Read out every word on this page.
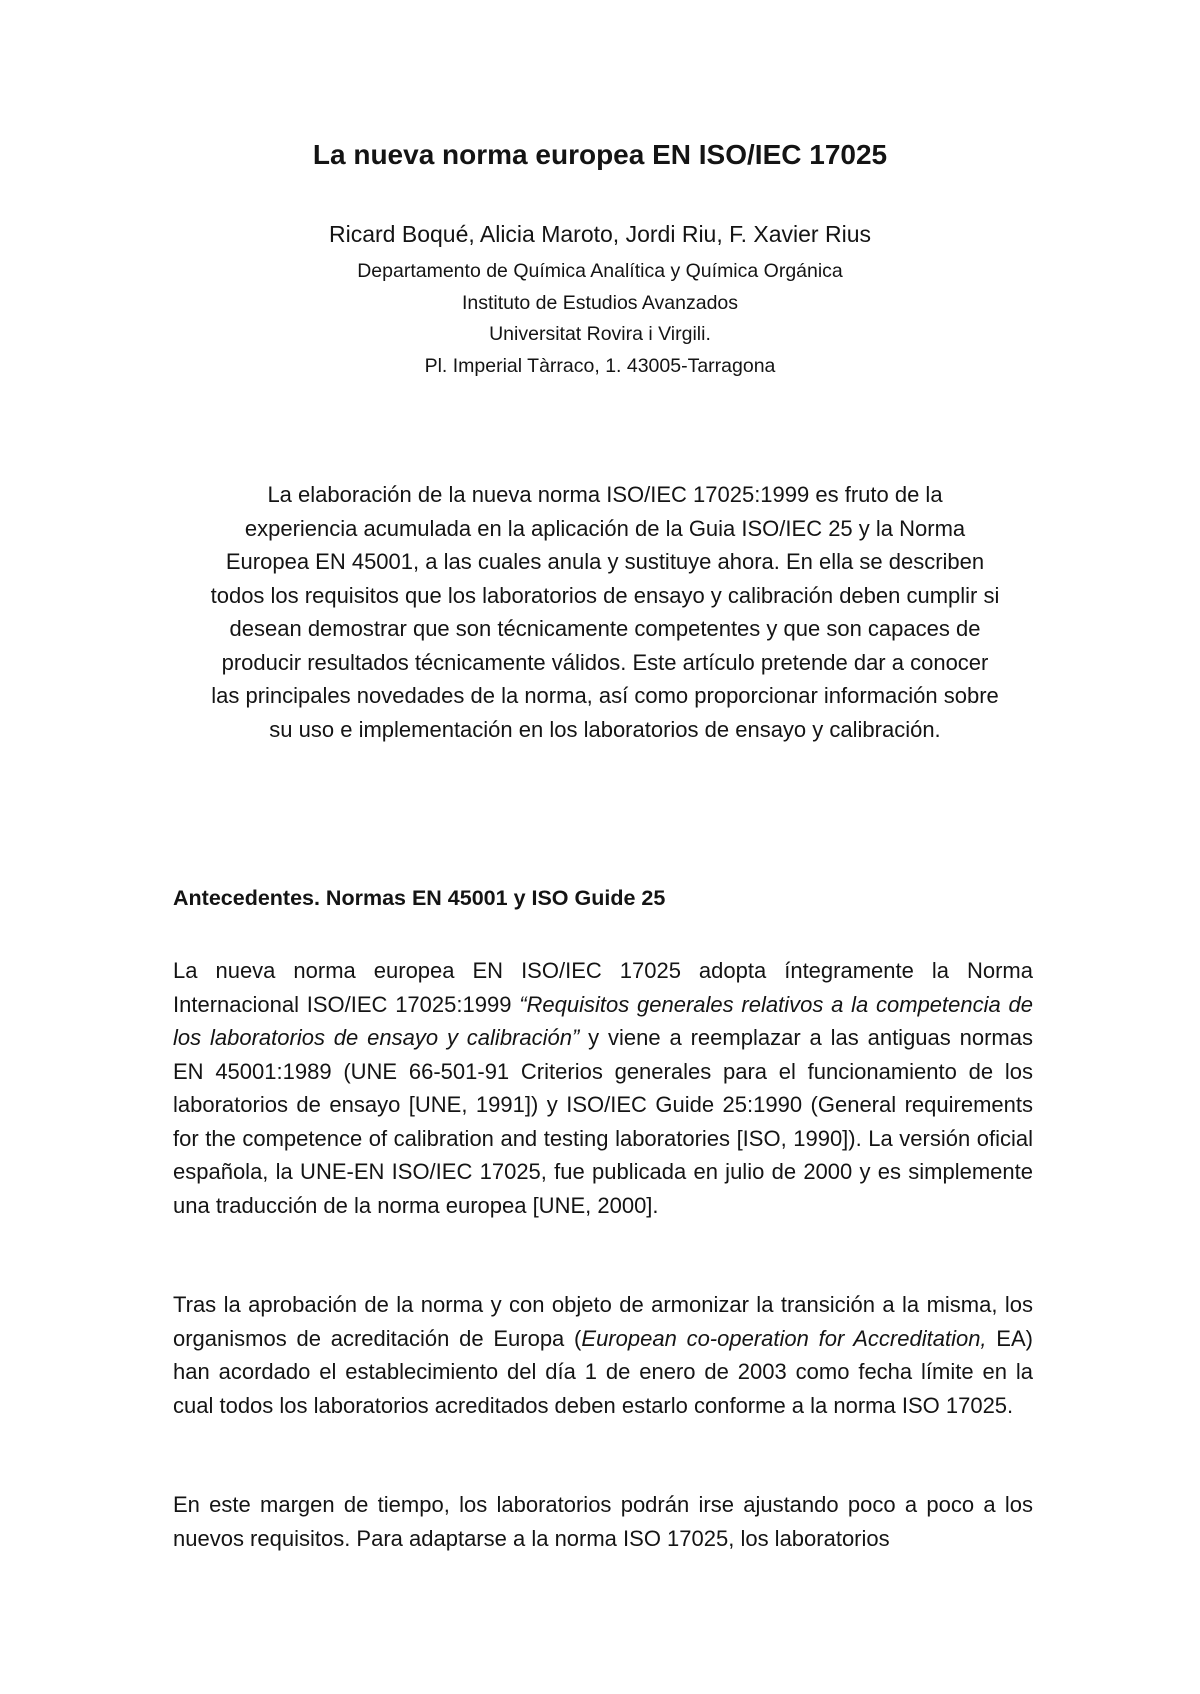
La nueva norma europea EN ISO/IEC 17025

Ricard Boqué, Alicia Maroto, Jordi Riu, F. Xavier Rius

Departamento de Química Analítica y Química Orgánica
Instituto de Estudios Avanzados
Universitat Rovira i Virgili.
Pl. Imperial Tàrraco, 1. 43005-Tarragona

La elaboración de la nueva norma ISO/IEC 17025:1999 es fruto de la experiencia acumulada en la aplicación de la Guia ISO/IEC 25 y la Norma Europea EN 45001, a las cuales anula y sustituye ahora. En ella se describen todos los requisitos que los laboratorios de ensayo y calibración deben cumplir si desean demostrar que son técnicamente competentes y que son capaces de producir resultados técnicamente válidos. Este artículo pretende dar a conocer las principales novedades de la norma, así como proporcionar información sobre su uso e implementación en los laboratorios de ensayo y calibración.

Antecedentes. Normas EN 45001 y ISO Guide 25

La nueva norma europea EN ISO/IEC 17025 adopta íntegramente la Norma Internacional ISO/IEC 17025:1999 “Requisitos generales relativos a la competencia de los laboratorios de ensayo y calibración” y viene a reemplazar a las antiguas normas EN 45001:1989 (UNE 66-501-91 Criterios generales para el funcionamiento de los laboratorios de ensayo [UNE, 1991]) y ISO/IEC Guide 25:1990 (General requirements for the competence of calibration and testing laboratories [ISO, 1990]). La versión oficial española, la UNE-EN ISO/IEC 17025, fue publicada en julio de 2000 y es simplemente una traducción de la norma europea [UNE, 2000].

Tras la aprobación de la norma y con objeto de armonizar la transición a la misma, los organismos de acreditación de Europa (European co-operation for Accreditation, EA) han acordado el establecimiento del día 1 de enero de 2003 como fecha límite en la cual todos los laboratorios acreditados deben estarlo conforme a la norma ISO 17025.

En este margen de tiempo, los laboratorios podrán irse ajustando poco a poco a los nuevos requisitos. Para adaptarse a la norma ISO 17025, los laboratorios
